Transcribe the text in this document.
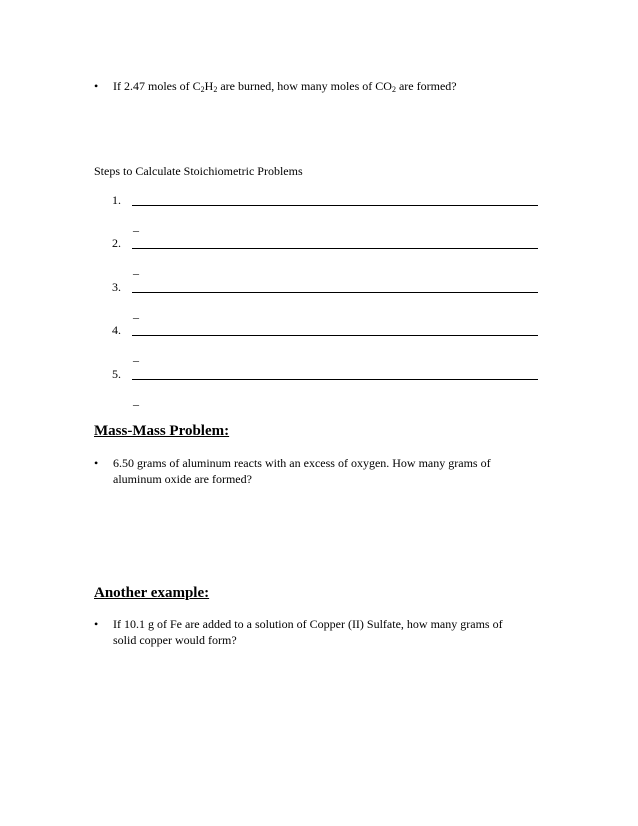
•	If 2.47 moles of $C_2H_2$ are burned, how many moles of $CO_2$ are formed?
Steps to Calculate Stoichiometric Problems
1.
_
2.
_
3.
_
4.
_
5.
_
Mass-Mass Problem:
•	6.50 grams of aluminum reacts with an excess of oxygen. How many grams of aluminum oxide are formed?
Another example:
•	If 10.1 g of Fe are added to a solution of Copper (II) Sulfate, how many grams of solid copper would form?
